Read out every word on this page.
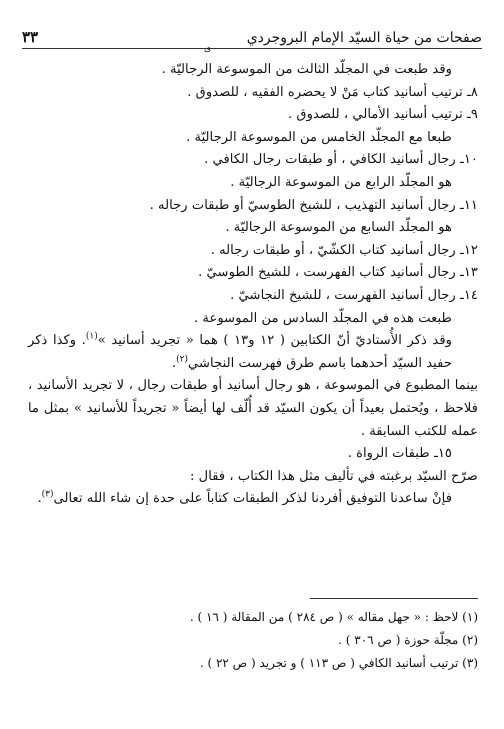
صفحات من حياة السيّد الإمام البروجردي
٣٣
ى
وقد طبعت في المجلّد الثالث من الموسوعة الرجاليّة .
٨ـ ترتيب أسانيد كتاب مَنْ لا يحضره الفقيه ، للصدوق .
٩ـ ترتيب أسانيد الأمالي ، للصدوق .
طبعا مع المجلّد الخامس من الموسوعة الرجاليّة .
١٠ـ رجال أسانيد الكافي ، أو طبقات رجال الكافي .
هو المجلّد الرابع من الموسوعة الرجاليّة .
١١ـ رجال أسانيد التهذيب ، للشيخ الطوسيّ أو طبقات رجاله .
هو المجلّد السابع من الموسوعة الرجاليّة .
١٢ـ رجال أسانيد كتاب الكشّيّ ، أو طبقات رجاله .
١٣ـ رجال أسانيد كتاب الفهرست ، للشيخ الطوسيّ .
١٤ـ رجال أسانيد الفهرست ، للشيخ النجاشيّ .
طبعت هذه في المجلّد السادس من الموسوعة .
وقد ذكر الأُستاديّ أنّ الكتابين ( ١٢ و١٣ ) هما « تجريد أسانيد »$^{(١)}$. وكذا ذكر حفيد السيّد أحدهما باسم طرق فهرست النجاشي$^{(٢)}$.
بينما المطبوع في الموسوعة ، هو رجال أسانيد أو طبقات رجال ، لا تجريد الأسانيد ، فلاحظ ، ويُحتمل بعيداً أن يكون السيّد قد أُلّف لها أيضاً « تجريداً للأسانيد » بمثل ما عمله للكتب السابقة .
١٥ـ طبقات الرواة .
صرّح السيّد برغبته في تأليف مثل هذا الكتاب ، فقال :
فإنْ ساعدنا التوفيق أفردنا لذكر الطبقات كتاباً على حدة إن شاء الله تعالى$^{(٣)}$.
(١) لاحظ : « جهل مقاله » ( ص ٢٨٤ ) من المقالة ( ١٦ ) .
(٢) مجلّة حوزة ( ص ٣٠٦ ) .
(٣) ترتيب أسانيد الكافي ( ص ١١٣ ) و تجريد ( ص ٢٢ ) .
